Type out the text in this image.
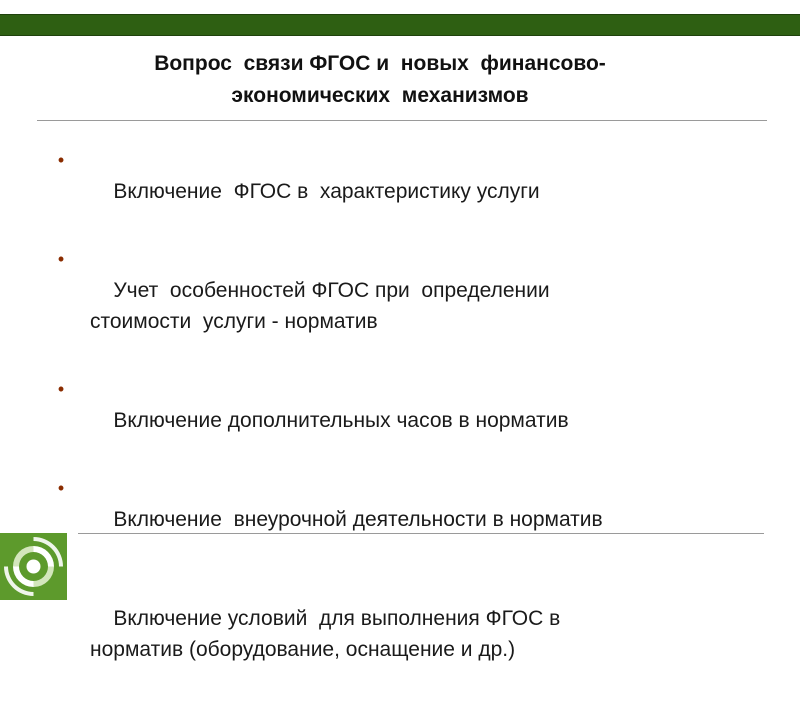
Вопрос  связи ФГОС и  новых  финансово-
экономических  механизмов

•
Включение  ФГОС в  характеристику услуги

•
Учет  особенностей ФГОС при  определении
стоимости  услуги - норматив

•
Включение дополнительных часов в норматив

•
Включение  внеурочной деятельности в норматив

Включение условий  для выполнения ФГОС в
норматив (оборудование, оснащение и др.)
